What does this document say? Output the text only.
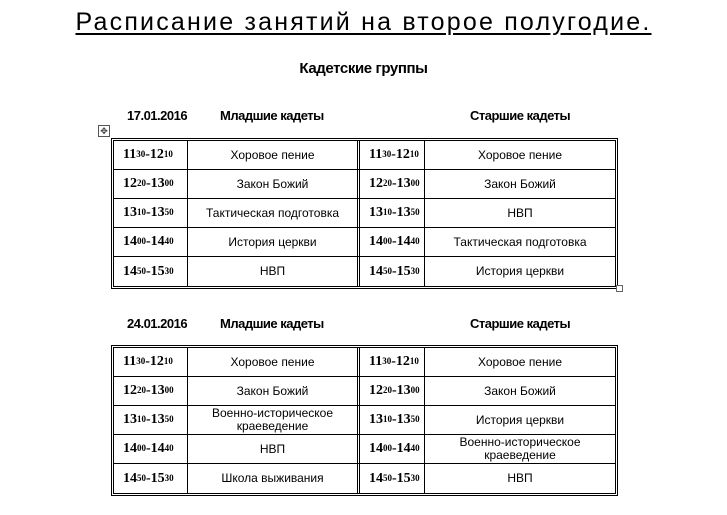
Расписание занятий на второе полугодие.
Кадетские группы
17.01.2016	Младшие кадеты	Старшие кадеты
✥
$11^{30} - 12^{10}$	Хоровое пение	$11^{30} - 12^{10}$	Хоровое пение
$12^{20} - 13^{00}$	Закон Божий	$12^{20} - 13^{00}$	Закон Божий
$13^{10} - 13^{50}$	Тактическая подготовка	$13^{10} - 13^{50}$	НВП
$14^{00} - 14^{40}$	История церкви	$14^{00} - 14^{40}$	Тактическая подготовка
$14^{50} - 15^{30}$	НВП	$14^{50} - 15^{30}$	История церкви
24.01.2016	Младшие кадеты	Старшие кадеты
$11^{30} - 12^{10}$	Хоровое пение	$11^{30} - 12^{10}$	Хоровое пение
$12^{20} - 13^{00}$	Закон Божий	$12^{20} - 13^{00}$	Закон Божий
$13^{10} - 13^{50}$	Военно-историческое краеведение	$13^{10} - 13^{50}$	История церкви
$14^{00} - 14^{40}$	НВП	$14^{00} - 14^{40}$	Военно-историческое краеведение
$14^{50} - 15^{30}$	Школа выживания	$14^{50} - 15^{30}$	НВП
